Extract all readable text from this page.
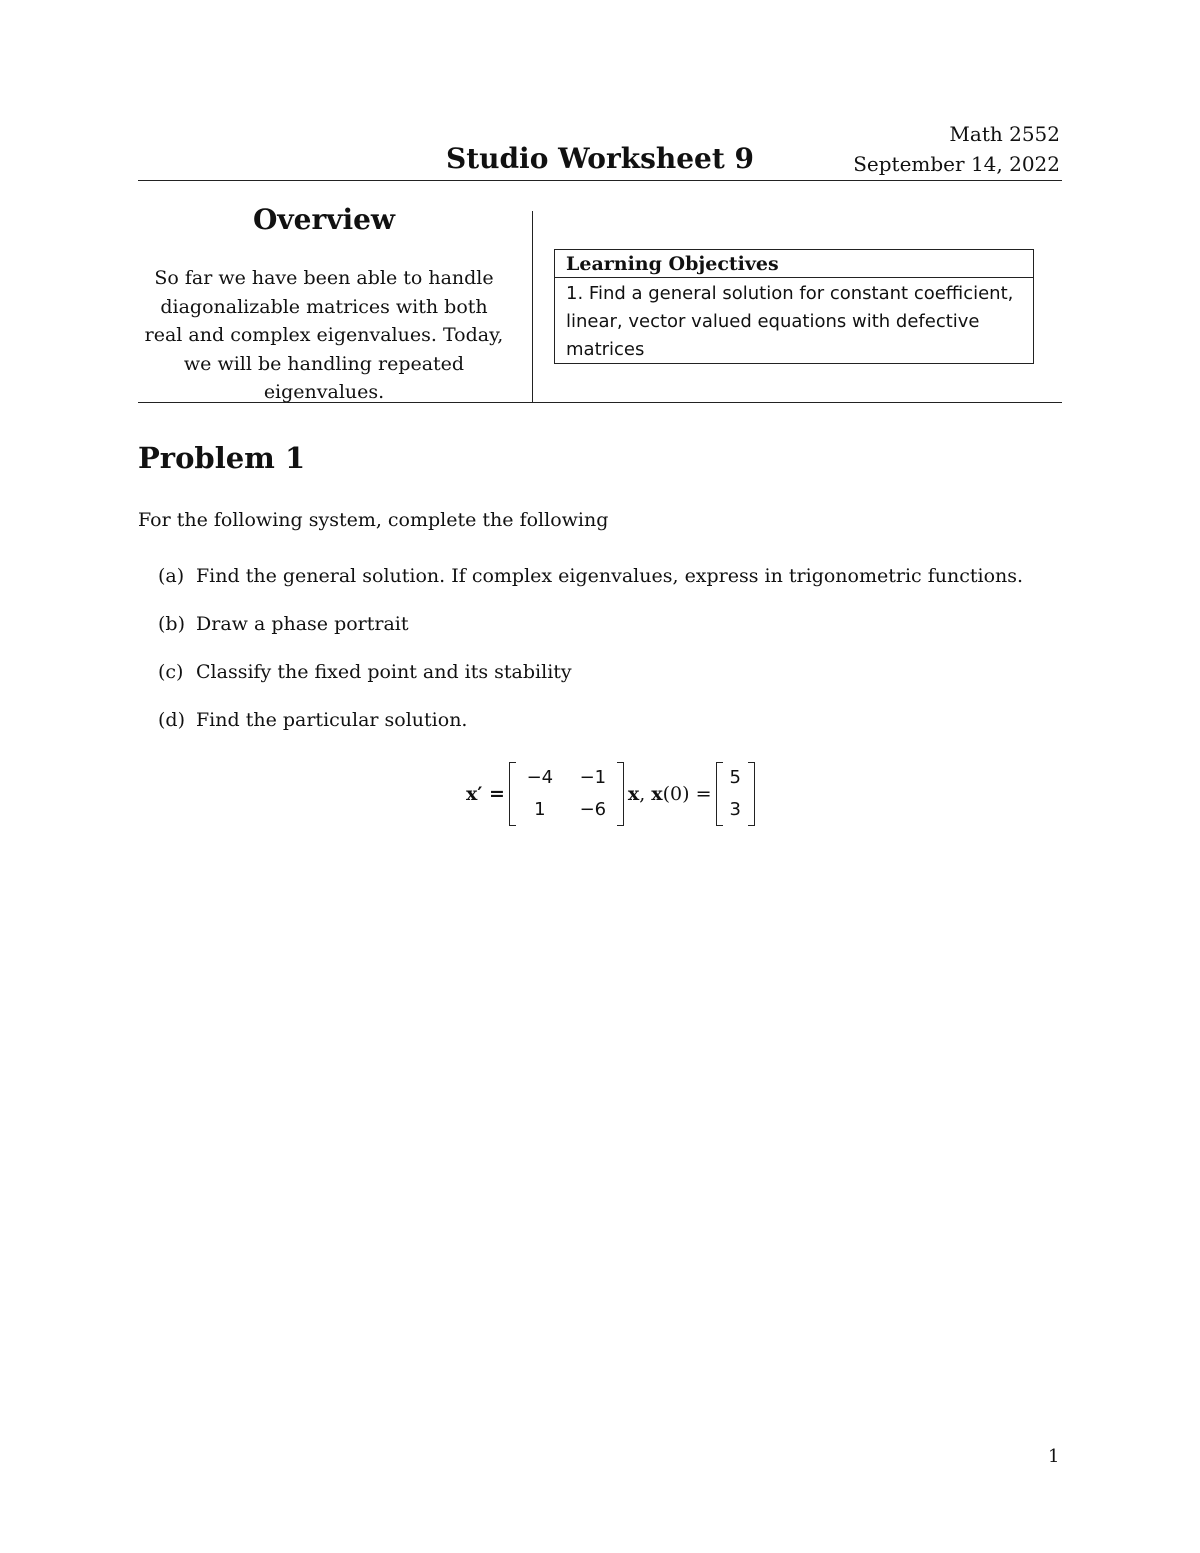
Math 2552
Studio Worksheet 9	September 14, 2022
Overview
So far we have been able to handle diagonalizable matrices with both real and complex eigenvalues. Today, we will be handling repeated eigenvalues.
Learning Objectives
1. Find a general solution for constant coefficient, linear, vector valued equations with defective matrices
Problem 1
For the following system, complete the following
(a) Find the general solution. If complex eigenvalues, express in trigonometric functions.
(b) Draw a phase portrait
(c) Classify the fixed point and its stability
(d) Find the particular solution.
x′ =
−4	−1
1	−6
x ,
x (0) =
5
3
1
